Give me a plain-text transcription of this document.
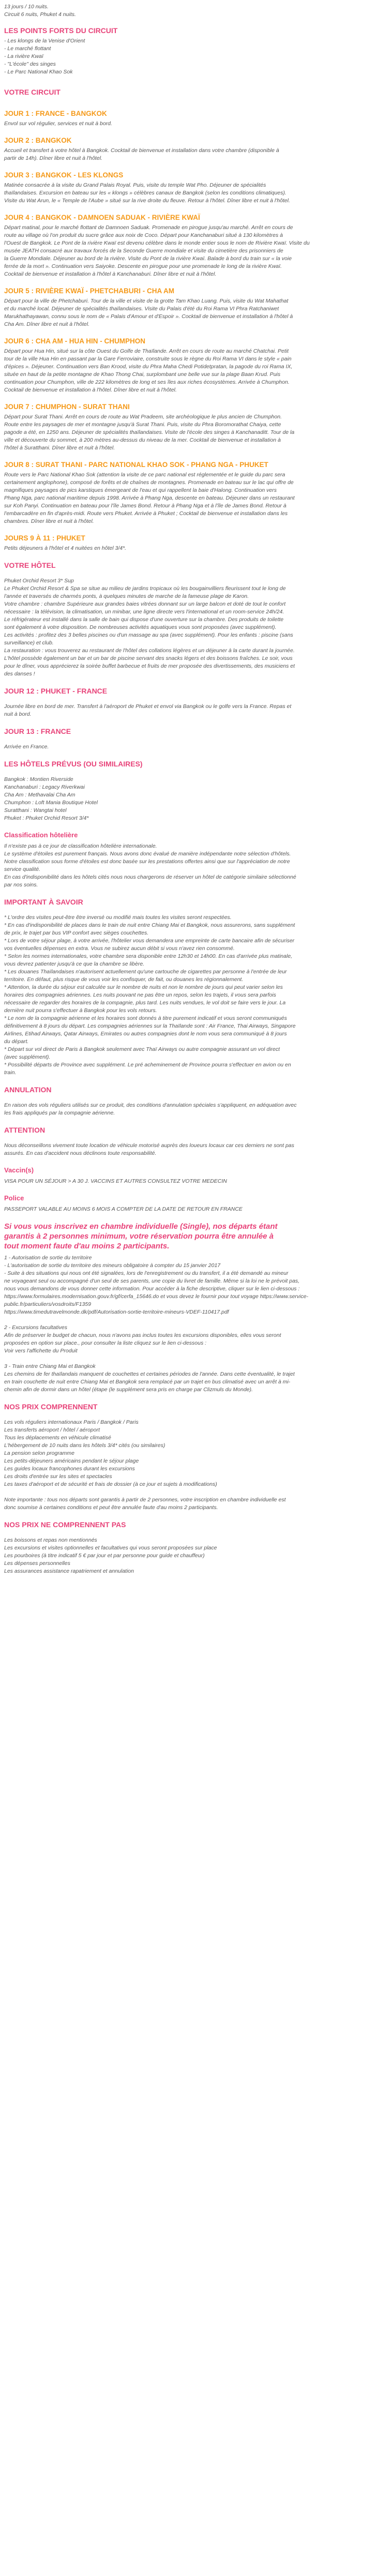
13 jours / 10 nuits.

Circuit 6 nuits, Phuket 4 nuits.

LES POINTS FORTS DU CIRCUIT

- Les klongs de la Venise d'Orient

- Le marché flottant

- La rivière Kwaï

- "L'école" des singes

- Le Parc National Khao Sok

VOTRE CIRCUIT
JOUR 1 : FRANCE - BANGKOK

Envol sur vol régulier, services et nuit à bord.

JOUR 2 : BANGKOK

Accueil et transfert à votre hôtel à Bangkok. Cocktail de bienvenue et installation dans votre chambre (disponible à

partir de 14h). Dîner libre et nuit à l'hôtel.

JOUR 3 : BANGKOK - LES KLONGS

Matinée consacrée à la visite du Grand Palais Royal. Puis, visite du temple Wat Pho. Déjeuner de spécialités

thaïlandaises. Excursion en bateau sur les « klongs » célèbres canaux de Bangkok (selon les conditions climatiques).

Visite du Wat Arun, le « Temple de l'Aube » situé sur la rive droite du fleuve. Retour à l'hôtel. Dîner libre et nuit à l'hôtel.

JOUR 4 : BANGKOK - DAMNOEN SADUAK - RIVIÈRE KWAÏ

Départ matinal, pour le marché flottant de Damnoen Saduak. Promenade en pirogue jusqu'au marché. Arrêt en cours de

route au village où l'on produit du sucre grâce aux noix de Coco. Départ pour Kanchanaburi situé à 130 kilomètres à

l'Ouest de Bangkok. Le Pont de la rivière Kwaï est devenu célèbre dans le monde entier sous le nom de Rivière Kwaï. Visite du

musée JEATH consacré aux travaux forcés de la Seconde Guerre mondiale et visite du cimetière des prisonniers de

la Guerre Mondiale. Déjeuner au bord de la rivière. Visite du Pont de la rivière Kwaï. Balade à bord du train sur « la voie

ferrée de la mort ». Continuation vers Saiyoke. Descente en pirogue pour une promenade le long de la rivière Kwaï.

Cocktail de bienvenue et installation à l'hôtel à Kanchanaburi. Dîner libre et nuit à l'hôtel.

JOUR 5 : RIVIÈRE KWAÏ - PHETCHABURI - CHA AM

Départ pour la ville de Phetchaburi. Tour de la ville et visite de la grotte Tam Khao Luang. Puis, visite du Wat Mahathat

et du marché local. Déjeuner de spécialités thaïlandaises. Visite du Palais d'été du Roi Rama VI Phra Ratchaniwet

Marukhathayawan, connu sous le nom de « Palais d'Amour et d'Espoir ». Cocktail de bienvenue et installation à l'hôtel à

Cha Am. Dîner libre et nuit à l'hôtel.

JOUR 6 : CHA AM - HUA HIN - CHUMPHON

Départ pour Hua Hin, situé sur la côte Ouest du Golfe de Thaïlande. Arrêt en cours de route au marché Chatchai. Petit

tour de la ville Hua Hin en passant par la Gare Ferroviaire, construite sous le règne du Roi Rama VI dans le style « pain

d'épices ». Déjeuner. Continuation vers Ban Krood, visite du Phra Maha Chedi Potidetpratan, la pagode du roi Rama IX,

située en haut de la petite montagne de Khao Thong Chai, surplombant une belle vue sur la plage Baan Krud. Puis

continuation pour Chumphon, ville de 222 kilomètres de long et ses îles aux riches écosystèmes. Arrivée à Chumphon.

Cocktail de bienvenue et installation à l'hôtel. Dîner libre et nuit à l'hôtel.

JOUR 7 : CHUMPHON - SURAT THANI

Départ pour Surat Thani. Arrêt en cours de route au Wat Pradeem, site archéologique le plus ancien de Chumphon.

Route entre les paysages de mer et montagne jusqu'à Surat Thani. Puis, visite du Phra Boromorathat Chaiya, cette

pagode a été, en 1250 ans. Déjeuner de spécialités thaïlandaises. Visite de l'école des singes à Kanchanaditt. Tour de la

ville et découverte du sommet, à 200 mètres au-dessus du niveau de la mer. Cocktail de bienvenue et installation à

l'hôtel à Suratthani. Dîner libre et nuit à l'hôtel.

JOUR 8 : SURAT THANI - PARC NATIONAL KHAO SOK - PHANG NGA - PHUKET

Route vers le Parc National Khao Sok (attention la visite de ce parc national est réglementée et le guide du parc sera

certainement anglophone), composé de forêts et de chaînes de montagnes. Promenade en bateau sur le lac qui offre de

magnifiques paysages de pics karstiques émergeant de l'eau et qui rappellent la baie d'Halong. Continuation vers

Phang Nga, parc national maritime depuis 1998. Arrivée à Phang Nga, descente en bateau. Déjeuner dans un restaurant

sur Koh Panyi. Continuation en bateau pour l'île James Bond. Retour à Phang Nga et à l'île de James Bond. Retour à

l'embarcadère en fin d'après-midi. Route vers Phuket. Arrivée à Phuket ; Cocktail de bienvenue et installation dans les

chambres. Dîner libre et nuit à l'hôtel.

JOURS 9 À 11 : PHUKET

Petits déjeuners à l'hôtel et 4 nuitées en hôtel 3/4*.

VOTRE HÔTEL

Phuket Orchid Resort 3* Sup

Le Phuket Orchid Resort & Spa se situe au milieu de jardins tropicaux où les bougainvilliers fleurissent tout le long de

l'année et traversés de charmés ponts, à quelques minutes de marche de la fameuse plage de Karon.

Votre chambre : chambre Supérieure aux grandes baies vitrées donnant sur un large balcon et doté de tout le confort

nécessaire : la télévision, la climatisation, un minibar, une ligne directe vers l'international et un room-service 24h/24.

Le réfrigérateur est installé dans la salle de bain qui dispose d'une ouverture sur la chambre. Des produits de toilette

sont également à votre disposition. De nombreuses activités aquatiques vous sont proposées (avec supplément).

Les activités : profitez des 3 belles piscines ou d'un massage au spa (avec supplément). Pour les enfants : piscine (sans

surveillance) et club.

La restauration : vous trouverez au restaurant de l'hôtel des collations légères et un déjeuner à la carte durant la journée.

L'hôtel possède également un bar et un bar de piscine servant des snacks légers et des boissons fraîches. Le soir, vous

pour le dîner, vous apprécierez la soirée buffet barbecue et fruits de mer proposée des divertissements, des musiciens et

des danses !

JOUR 12 : PHUKET - FRANCE

Journée libre en bord de mer. Transfert à l'aéroport de Phuket et envol via Bangkok ou le golfe vers la France. Repas et

nuit à bord.

JOUR 13 : FRANCE

Arrivée en France.

LES HÔTELS PRÉVUS (OU SIMILAIRES)

Bangkok : Montien Riverside

Kanchanaburi : Legacy Riverkwai

Cha Am : Methavalai Cha Am

Chumphon : Loft Mania Boutique Hotel

Suratthani : Wangtai hotel

Phuket : Phuket Orchid Resort 3/4*

Classification hôtelière

Il n'existe pas à ce jour de classification hôtelière internationale.

Le système d'étoiles est purement français. Nous avons donc évalué de manière indépendante notre sélection d'hôtels.

Notre classification sous forme d'étoiles est donc basée sur les prestations offertes ainsi que sur l'appréciation de notre

service qualité.

En cas d'indisponibilité dans les hôtels cités nous nous chargerons de réserver un hôtel de catégorie similaire sélectionné

par nos soins.

IMPORTANT À SAVOIR

* L'ordre des visites peut-être être inversé ou modifié mais toutes les visites seront respectées.

* En cas d'indisponibilité de places dans le train de nuit entre Chiang Mai et Bangkok, nous assurerons, sans supplément

de prix, le trajet par bus VIP confort avec sièges couchettes.

* Lors de votre séjour plage, à votre arrivée, l'hôtelier vous demandera une empreinte de carte bancaire afin de sécuriser

vos éventuelles dépenses en extra. Vous ne subirez aucun débit si vous n'avez rien consommé.

* Selon les normes internationales, votre chambre sera disponible entre 12h30 et 14h00. En cas d'arrivée plus matinale,

vous devrez patienter jusqu'à ce que la chambre se libère.

* Les douanes Thaïlandaises n'autorisent actuellement qu'une cartouche de cigarettes par personne à l'entrée de leur

territoire. En défaut, plus risque de vous voir les confisquer, de fait, ou douanes les régionnalement.

* Attention, la durée du séjour est calculée sur le nombre de nuits et non le nombre de jours qui peut varier selon les

horaires des compagnies aériennes. Les nuits pouvant ne pas être un repos, selon les trajets, il vous sera parfois

nécessaire de regarder des horaires de la compagnie, plus tard. Les nuits vendues, le vol doit se faire vers le jour. La

dernière nuit pourra s'effectuer à Bangkok pour les vols retours.

* Le nom de la compagnie aérienne et les horaires sont donnés à titre purement indicatif et vous seront communiqués

définitivement à 8 jours du départ. Les compagnies aériennes sur la Thaïlande sont : Air France, Thai Airways, Singapore

Airlines, Etihad Airways, Qatar Airways, Emirates ou autres compagnies dont le nom vous sera communiqué à 8 jours

du départ.

* Départ sur vol direct de Paris à Bangkok seulement avec Thaï Airways ou autre compagnie assurant un vol direct

(avec supplément).

* Possibilité départs de Province avec supplément. Le pré acheminement de Province pourra s'effectuer en avion ou en

train.

ANNULATION

En raison des vols réguliers utilisés sur ce produit, des conditions d'annulation spéciales s'appliquent, en adéquation avec

les frais appliqués par la compagnie aérienne.

ATTENTION

Nous déconseillons vivement toute location de véhicule motorisé auprès des loueurs locaux car ces derniers ne sont pas

assurés. En cas d'accident nous déclinons toute responsabilité.

Vaccin(s)

VISA POUR UN SÉJOUR > A 30 J. VACCINS ET AUTRES CONSULTEZ VOTRE MEDECIN

Police

PASSEPORT VALABLE AU MOINS 6 MOIS A COMPTER DE LA DATE DE RETOUR EN FRANCE

Si vous vous inscrivez en chambre individuelle (Single), nos départs étant
garantis à 2 personnes minimum, votre réservation pourra être annulée à
tout moment faute d'au moins 2 participants.

1 - Autorisation de sortie du territoire

- L'autorisation de sortie du territoire des mineurs obligatoire à compter du 15 janvier 2017

- Suite à des situations qui nous ont été signalées, lors de l'enregistrement ou du transfert, il a été demandé au mineur

ne voyageant seul ou accompagné d'un seul de ses parents, une copie du livret de famille. Même si la loi ne le prévoit pas,

nous vous demandons de vous donner cette information. Pour accéder à la fiche descriptive, cliquer sur le lien ci-dessous :

https://www.formulaires.modernisation.gouv.fr/gf/cerfa_15646.do et vous devez le fournir pour tout voyage https://www.service-public.fr/particuliers/vosdroits/F1359

https://www.timedutravelmonde.dk/pdf/Autorisation-sortie-territoire-mineurs-VDEF-110417.pdf

2 - Excursions facultatives

Afin de préserver le budget de chacun, nous n'avons pas inclus toutes les excursions disponibles, elles vous seront

proposées en option sur place., pour consulter la liste cliquez sur le lien ci-dessous :

Voir vers l'affichette du Produit

3 - Train entre Chiang Mai et Bangkok

Les chemins de fer thaïlandais manquent de couchettes et certaines périodes de l'année. Dans cette éventualité, le trajet

en train couchette de nuit entre Chiang Mai et Bangkok sera remplacé par un trajet en bus climatisé avec un arrêt à mi-

chemin afin de dormir dans un hôtel (étape (le supplément sera pris en charge par Clizmuls du Monde).

NOS PRIX COMPRENNENT

Les vols réguliers internationaux Paris / Bangkok / Paris

Les transferts aéroport / hôtel / aéroport

Tous les déplacements en véhicule climatisé

L'hébergement de 10 nuits dans les hôtels 3/4* cités (ou similaires)

La pension selon programme

Les petits-déjeuners américains pendant le séjour plage

Les guides locaux francophones durant les excursions

Les droits d'entrée sur les sites et spectacles

Les taxes d'aéroport et de sécurité et frais de dossier (à ce jour et sujets à modifications)

Note importante : tous nos départs sont garantis à partir de 2 personnes, votre inscription en chambre individuelle est

donc soumise à certaines conditions et peut être annulée faute d'au moins 2 participants.

NOS PRIX NE COMPRENNENT PAS

Les boissons et repas non mentionnés

Les excursions et visites optionnelles et facultatives qui vous seront proposées sur place

Les pourboires (à titre indicatif 5 € par jour et par personne pour guide et chauffeur)

Les dépenses personnelles

Les assurances assistance rapatriement et annulation
